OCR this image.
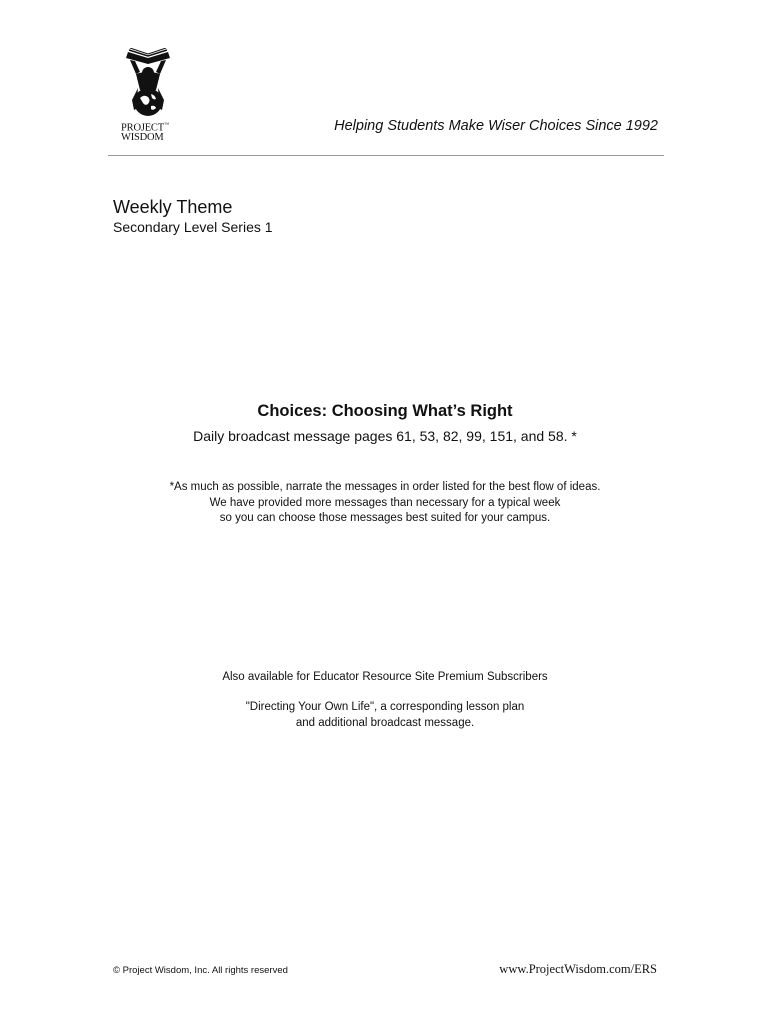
PROJECT™
WISDOM
Helping Students Make Wiser Choices Since 1992
Weekly Theme
Secondary Level Series 1
Choices: Choosing What’s Right
Daily broadcast message pages 61, 53, 82, 99, 151, and 58. *
*As much as possible, narrate the messages in order listed for the best flow of ideas.
We have provided more messages than necessary for a typical week
so you can choose those messages best suited for your campus.
Also available for Educator Resource Site Premium Subscribers
"Directing Your Own Life", a corresponding lesson plan
and additional broadcast message.
© Project Wisdom, Inc. All rights reserved	www.ProjectWisdom.com/ERS
